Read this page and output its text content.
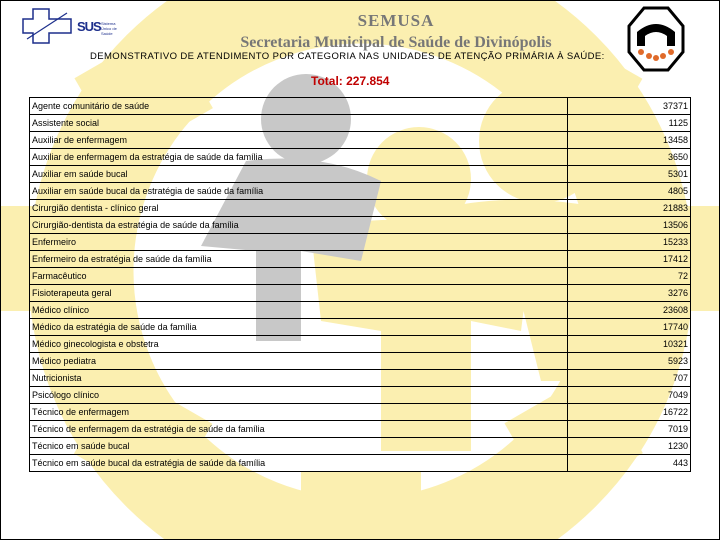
SUS Sistema Único de Saúde
SEMUSA
Secretaria Municipal de Saúde de Divinópolis
DEMONSTRATIVO DE ATENDIMENTO POR CATEGORIA NAS UNIDADES DE ATENÇÃO PRIMÁRIA À SAÚDE:
Total: 227.854
Agente comunitário de saúde	37371
Assistente social	1125
Auxiliar de enfermagem	13458
Auxiliar de enfermagem da estratégia de saúde da família	3650
Auxiliar em saúde bucal	5301
Auxiliar em saúde bucal da estratégia de saúde da família	4805
Cirurgião dentista - clínico geral	21883
Cirurgião-dentista da estratégia de saúde da família	13506
Enfermeiro	15233
Enfermeiro da estratégia de saúde da família	17412
Farmacêutico	72
Fisioterapeuta geral	3276
Médico clínico	23608
Médico da estratégia de saúde da família	17740
Médico ginecologista e obstetra	10321
Médico pediatra	5923
Nutricionista	707
Psicólogo clínico	7049
Técnico de enfermagem	16722
Técnico de enfermagem da estratégia de saúde da família	7019
Técnico em saúde bucal	1230
Técnico em saúde bucal da estratégia de saúde da família	443
